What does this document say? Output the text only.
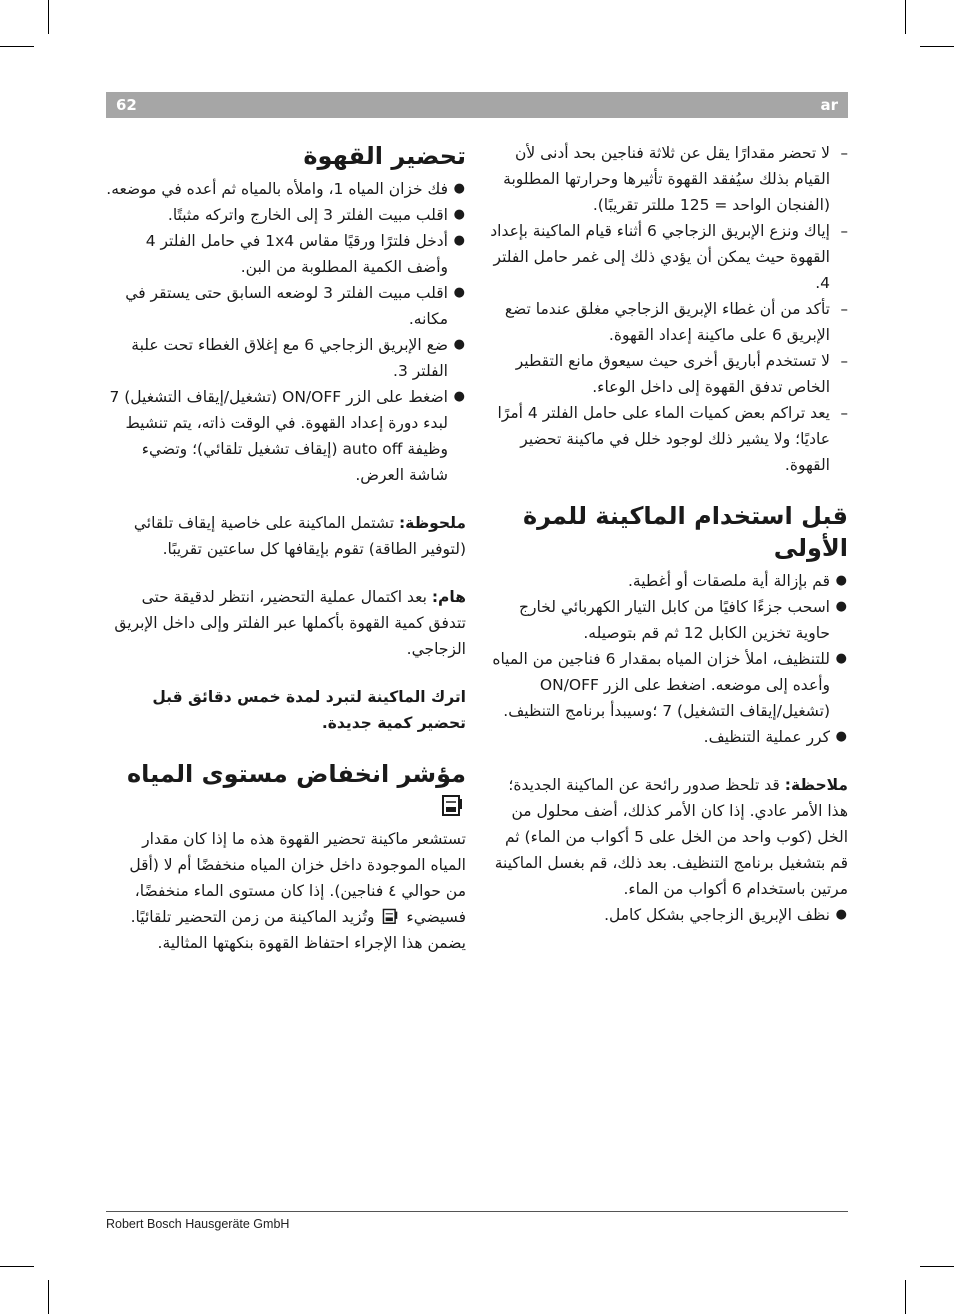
62	ar
–
لا تحضر مقدارًا يقل عن ثلاثة فناجين بحد أدنى لأن القيام بذلك سيُفقد القهوة تأثيرها وحرارتها المطلوبة (الفنجان الواحد = 125 مللتر تقريبًا).
–
إياك ونزع الإبريق الزجاجي 6 أثناء قيام الماكينة بإعداد القهوة حيث يمكن أن يؤدي ذلك إلى غمر حامل الفلتر 4.
–
تأكد من أن غطاء الإبريق الزجاجي مغلق عندما تضع الإبريق 6 على ماكينة إعداد القهوة.
–
لا تستخدم أباريق أخرى حيث سيعوق مانع التقطير الخاص تدفق القهوة إلى داخل الوعاء.
–
يعد تراكم بعض كميات الماء على حامل الفلتر 4 أمرًا عاديًا؛ ولا يشير ذلك لوجود خلل في ماكينة تحضير القهوة.
قبل استخدام الماكينة للمرة الأولى
●
قم بإزالة أية ملصقات أو أغطية.
●
اسحب جزءًا كافيًا من كابل التيار الكهربائي لخارج حاوية تخزين الكابل 12 ثم قم بتوصيله.
●
للتنظيف، املأ خزان المياه بمقدار 6 فناجين من المياه وأعده إلى موضعه. اضغط على الزر ON/OFF (تشغيل/إيقاف التشغيل) 7 ؛وسيبدأ برنامج التنظيف.
●
كرر عملية التنظيف.
ملاحظة: قد تلحظ صدور رائحة عن الماكينة الجديدة؛ هذا الأمر عادي. إذا كان الأمر كذلك، أضف محلول من الخل (كوب واحد من الخل على 5 أكواب من الماء) ثم قم بتشغيل برنامج التنظيف. بعد ذلك، قم بغسل الماكينة مرتين باستخدام 6 أكواب من الماء.
●
نظف الإبريق الزجاجي بشكل كامل.
تحضير القهوة
●
فك خزان المياه 1، واملأه بالمياه ثم أعده في موضعه.
●
اقلب مبيت الفلتر 3 إلى الخارج واتركه مثبتًا.
●
أدخل فلترًا ورقيًا مقاس 1x4 في حامل الفلتر 4 وأضف الكمية المطلوبة من البن.
●
اقلب مبيت الفلتر 3 لوضعه السابق حتى يستقر في مكانه.
●
ضع الإبريق الزجاجي 6 مع إغلاق الغطاء تحت علبة الفلتر 3.
●
اضغط على الزر ON/OFF (تشغيل/إيقاف التشغيل) 7 لبدء دورة إعداد القهوة. في الوقت ذاته، يتم تنشيط وظيفة auto off (إيقاف تشغيل تلقائي)؛ وتضيء شاشة العرض.
ملحوظة: تشتمل الماكينة على خاصية إيقاف تلقائي (لتوفير الطاقة) تقوم بإيقافها كل ساعتين تقريبًا.
هام: بعد اكتمال عملية التحضير، انتظر لدقيقة حتى تتدفق كمية القهوة بأكملها عبر الفلتر وإلى داخل الإبريق الزجاجي.
اترك الماكينة لتبرد لمدة خمس دقائق قبل تحضير كمية جديدة.
مؤشر انخفاض مستوى المياه
تستشعر ماكينة تحضير القهوة هذه ما إذا كان مقدار المياه الموجودة داخل خزان المياه منخفضًا أم لا (أقل من حوالي ٤ فناجين). إذا كان مستوى الماء منخفضًا، فسيضيء  وتُزيد الماكينة من زمن التحضير تلقائيًا. يضمن هذا الإجراء احتفاظ القهوة بنكهتها المثالية.
Robert Bosch Hausgeräte GmbH
